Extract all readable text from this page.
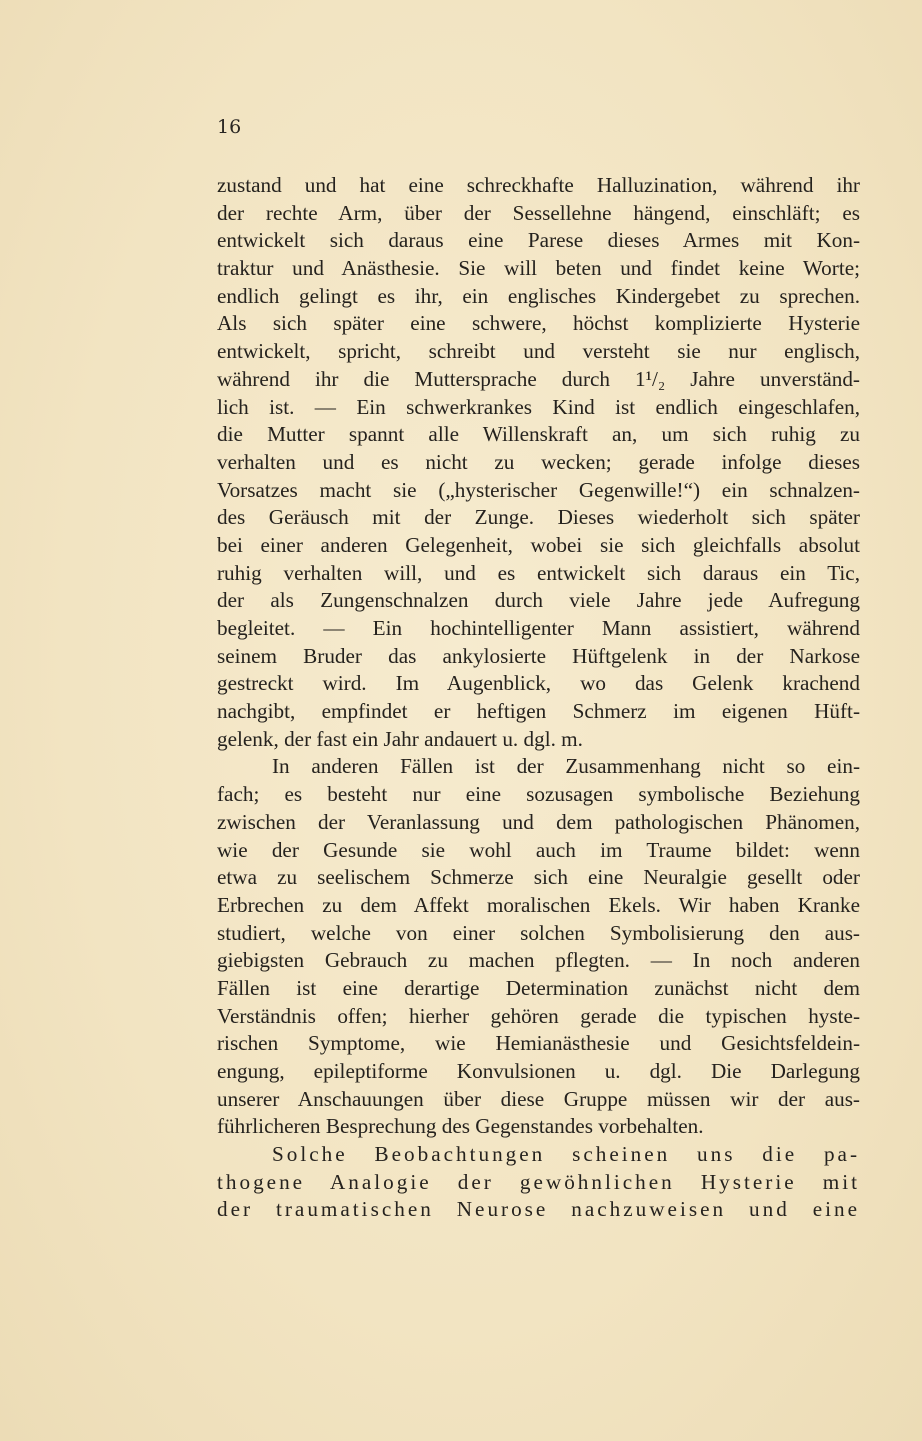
16
zustand und hat eine schreckhafte Halluzination, während ihr
der rechte Arm, über der Sessellehne hängend, einschläft; es
entwickelt sich daraus eine Parese dieses Armes mit Kon-
traktur und Anästhesie. Sie will beten und findet keine Worte;
endlich gelingt es ihr, ein englisches Kindergebet zu sprechen.
Als sich später eine schwere, höchst komplizierte Hysterie
entwickelt, spricht, schreibt und versteht sie nur englisch,
während ihr die Muttersprache durch 1¹/₂ Jahre unverständ-
lich ist. — Ein schwerkrankes Kind ist endlich eingeschlafen,
die Mutter spannt alle Willenskraft an, um sich ruhig zu
verhalten und es nicht zu wecken; gerade infolge dieses
Vorsatzes macht sie („hysterischer Gegenwille!“) ein schnalzen-
des Geräusch mit der Zunge. Dieses wiederholt sich später
bei einer anderen Gelegenheit, wobei sie sich gleichfalls absolut
ruhig verhalten will, und es entwickelt sich daraus ein Tic,
der als Zungenschnalzen durch viele Jahre jede Aufregung
begleitet. — Ein hochintelligenter Mann assistiert, während
seinem Bruder das ankylosierte Hüftgelenk in der Narkose
gestreckt wird. Im Augenblick, wo das Gelenk krachend
nachgibt, empfindet er heftigen Schmerz im eigenen Hüft-
gelenk, der fast ein Jahr andauert u. dgl. m.
In anderen Fällen ist der Zusammenhang nicht so ein-
fach; es besteht nur eine sozusagen symbolische Beziehung
zwischen der Veranlassung und dem pathologischen Phänomen,
wie der Gesunde sie wohl auch im Traume bildet: wenn
etwa zu seelischem Schmerze sich eine Neuralgie gesellt oder
Erbrechen zu dem Affekt moralischen Ekels. Wir haben Kranke
studiert, welche von einer solchen Symbolisierung den aus-
giebigsten Gebrauch zu machen pflegten. — In noch anderen
Fällen ist eine derartige Determination zunächst nicht dem
Verständnis offen; hierher gehören gerade die typischen hyste-
rischen Symptome, wie Hemianästhesie und Gesichtsfeldein-
engung, epileptiforme Konvulsionen u. dgl. Die Darlegung
unserer Anschauungen über diese Gruppe müssen wir der aus-
führlicheren Besprechung des Gegenstandes vorbehalten.
Solche Beobachtungen scheinen uns die pa-
thogene Analogie der gewöhnlichen Hysterie mit
der traumatischen Neurose nachzuweisen und eine
